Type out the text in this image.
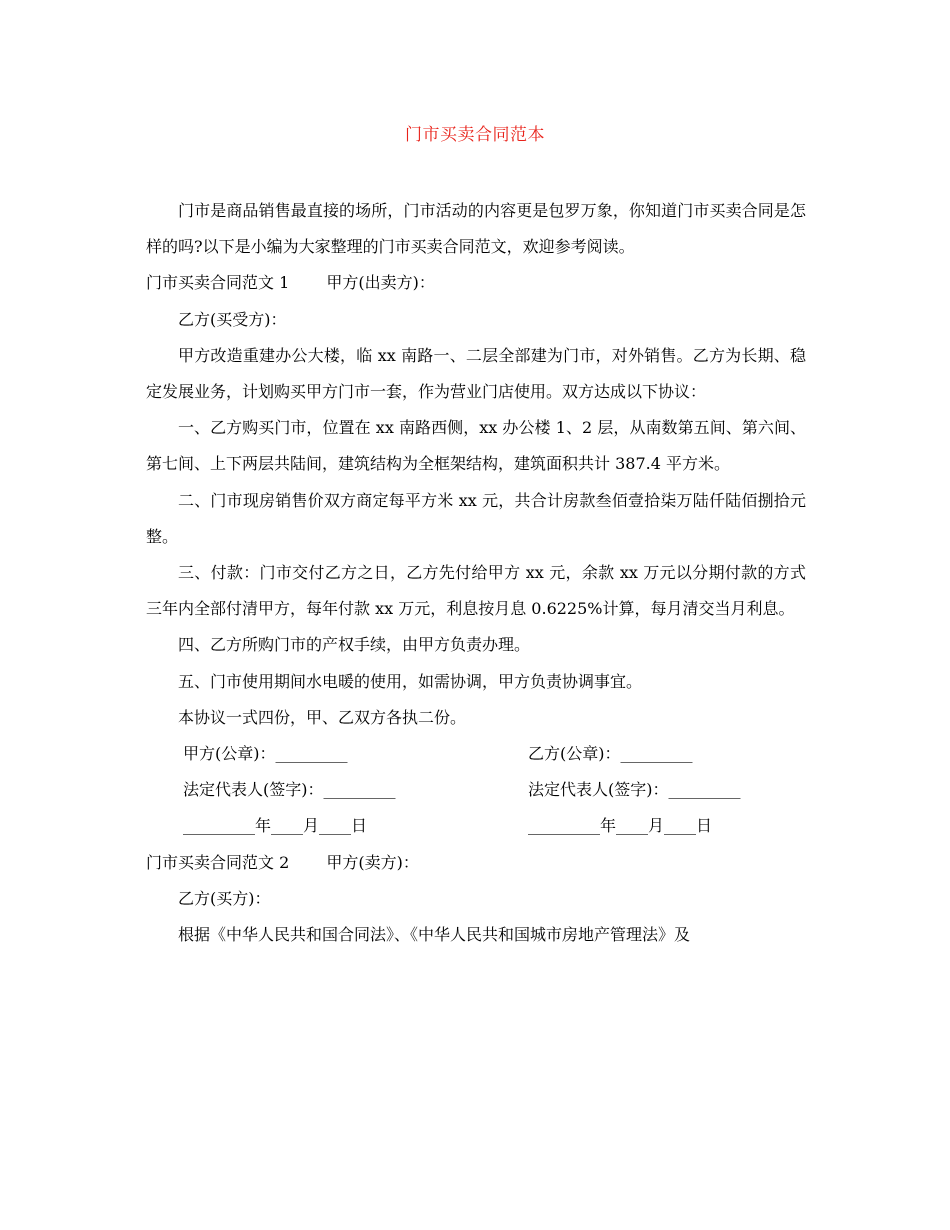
门市买卖合同范本

门市是商品销售最直接的场所，门市活动的内容更是包罗万象，你知道门市买卖合同是怎样的吗?以下是小编为大家整理的门市买卖合同范文，欢迎参考阅读。

门市买卖合同范文 1　　 甲方(出卖方)：

乙方(买受方)：

甲方改造重建办公大楼，临 xx 南路一、二层全部建为门市，对外销售。乙方为长期、稳定发展业务，计划购买甲方门市一套，作为营业门店使用。双方达成以下协议：

一、乙方购买门市，位置在 xx 南路西侧，xx 办公楼 1、2 层，从南数第五间、第六间、第七间、上下两层共陆间，建筑结构为全框架结构，建筑面积共计 387.4 平方米。

二、门市现房销售价双方商定每平方米 xx 元，共合计房款叁佰壹拾柒万陆仟陆佰捌拾元整。

三、付款：门市交付乙方之日，乙方先付给甲方 xx 元，余款 xx 万元以分期付款的方式三年内全部付清甲方，每年付款 xx 万元，利息按月息 0.6225%计算，每月清交当月利息。

四、乙方所购门市的产权手续，由甲方负责办理。

五、门市使用期间水电暖的使用，如需协调，甲方负责协调事宜。

本协议一式四份，甲、乙双方各执二份。

甲方(公章)：_________	乙方(公章)：_________
法定代表人(签字)：_________	法定代表人(签字)：_________
_________年____月____日	_________年____月____日

门市买卖合同范文 2　　 甲方(卖方)：

乙方(买方)：

根据《中华人民共和国合同法》、《中华人民共和国城市房地产管理法》及
